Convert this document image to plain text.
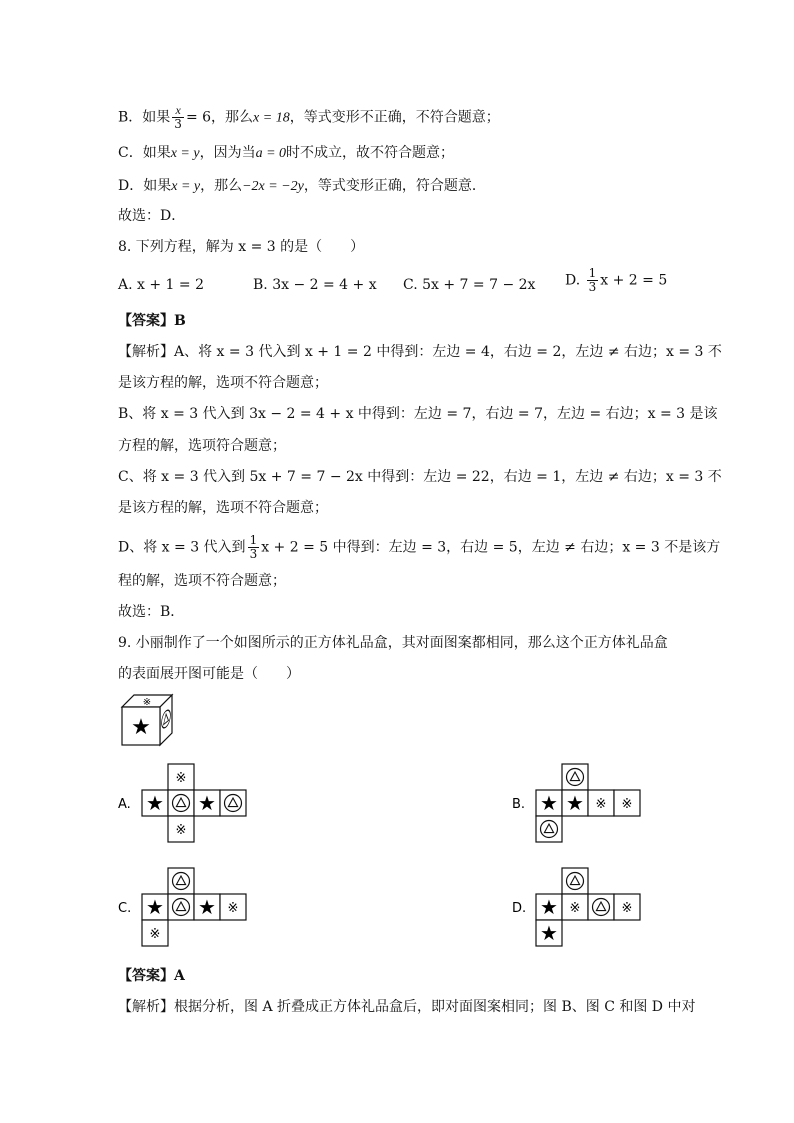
B．如果 $\frac{x}{3} = 6$，那么x = 18，等式变形不正确，不符合题意；
C．如果x = y，因为当a = 0时不成立，故不符合题意；
D．如果x = y，那么−2x = −2y，等式变形正确，符合题意．
故选：D．
8. 下列方程，解为 x = 3 的是（　　）
A. x + 1 = 2	B. 3x − 2 = 4 + x C. 5x + 7 = 7 − 2x D. $\frac{1}{3}$ x + 2 = 5
【答案】B
【解析】A、将 x = 3 代入到 x + 1 = 2 中得到：左边 = 4，右边 = 2，左边 ≠ 右边；x = 3 不
是该方程的解，选项不符合题意；
B、将 x = 3 代入到 3x − 2 = 4 + x 中得到：左边 = 7，右边 = 7，左边 = 右边；x = 3 是该
方程的解，选项符合题意；
C、将 x = 3 代入到 5x + 7 = 7 − 2x 中得到：左边 = 22，右边 = 1，左边 ≠ 右边；x = 3 不
是该方程的解，选项不符合题意；
D、将 x = 3 代入到 $\frac{1}{3}$ x + 2 = 5 中得到：左边 = 3，右边 = 5，左边 ≠ 右边；x = 3 不是该方
程的解，选项不符合题意；
故选：B．
9. 小丽制作了一个如图所示的正方体礼品盒，其对面图案都相同，那么这个正方体礼品盒
的表面展开图可能是（　　）
※
★
A.
※
★ ★
※
B. ★ ★ ※ ※
C. ★ ★ ※
※
D. ★ ※	※
★
【答案】A
【解析】根据分析，图 A 折叠成正方体礼品盒后，即对面图案相同；图 B、图 C 和图 D 中对
